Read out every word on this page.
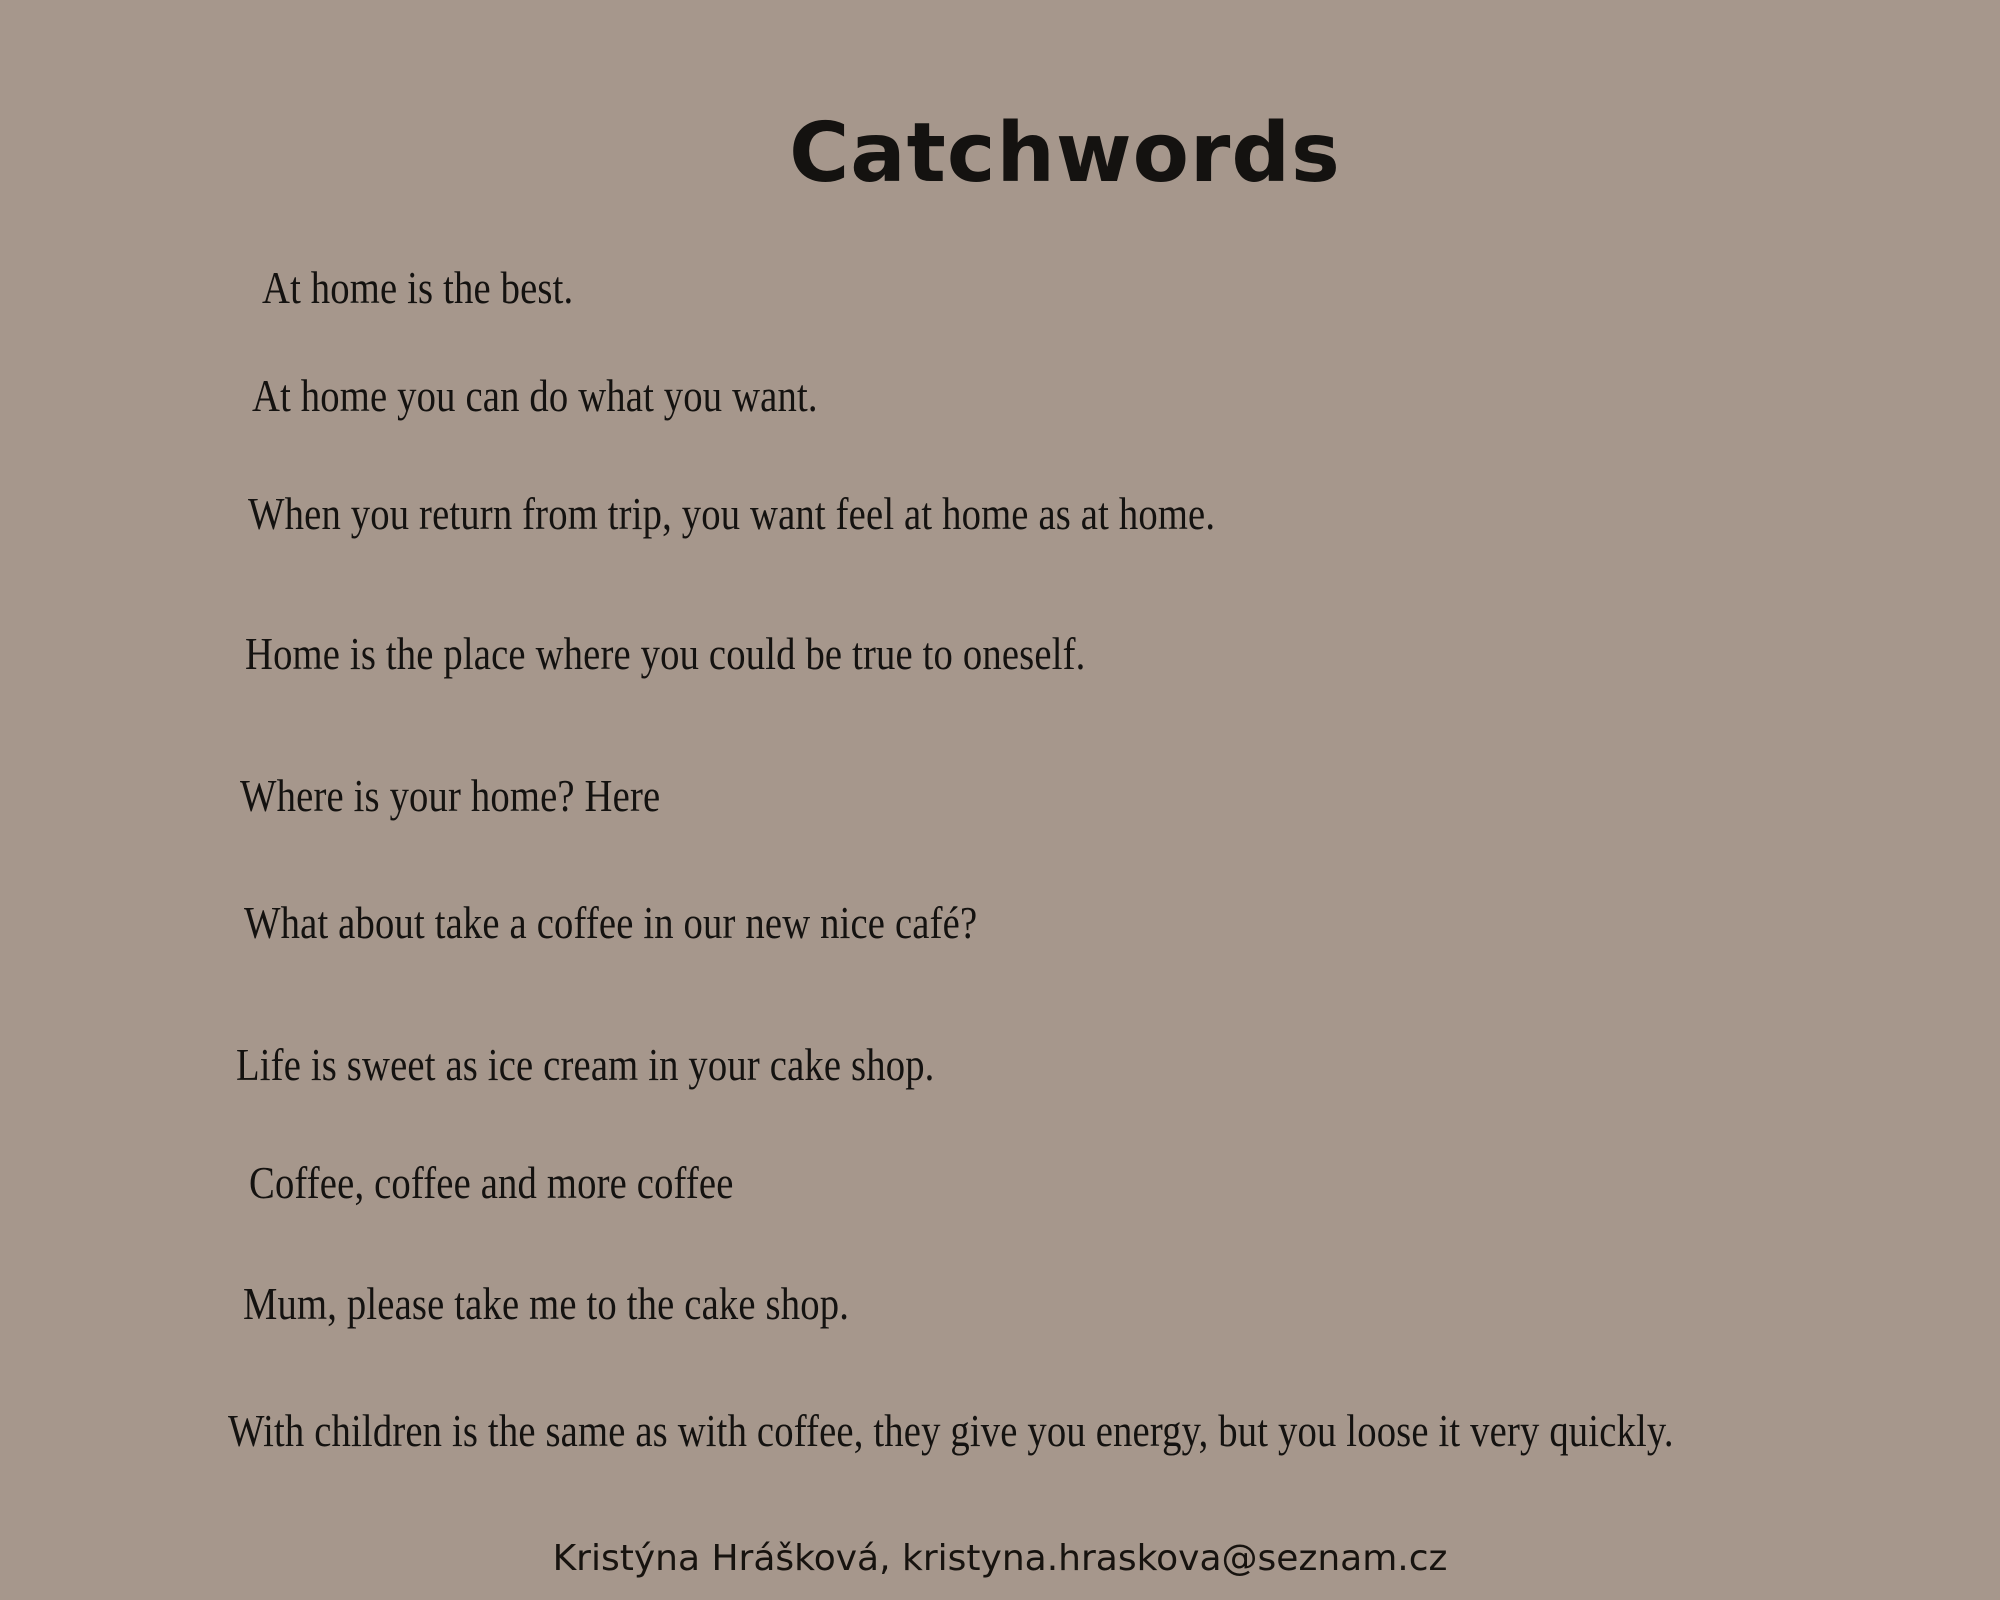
Catchwords

At home is the best.

At home you can do what you want.

When you return from trip, you want feel at home as at home.

Home is the place where you could be true to oneself.

Where is your home? Here

What about take a coffee in our new nice café?

Life is sweet as ice cream in your cake shop.

Coffee, coffee and more coffee

Mum, please take me to the cake shop.

With children is the same as with coffee, they give you energy, but you loose it very quickly.

Kristýna Hrášková, kristyna.hraskova@seznam.cz
